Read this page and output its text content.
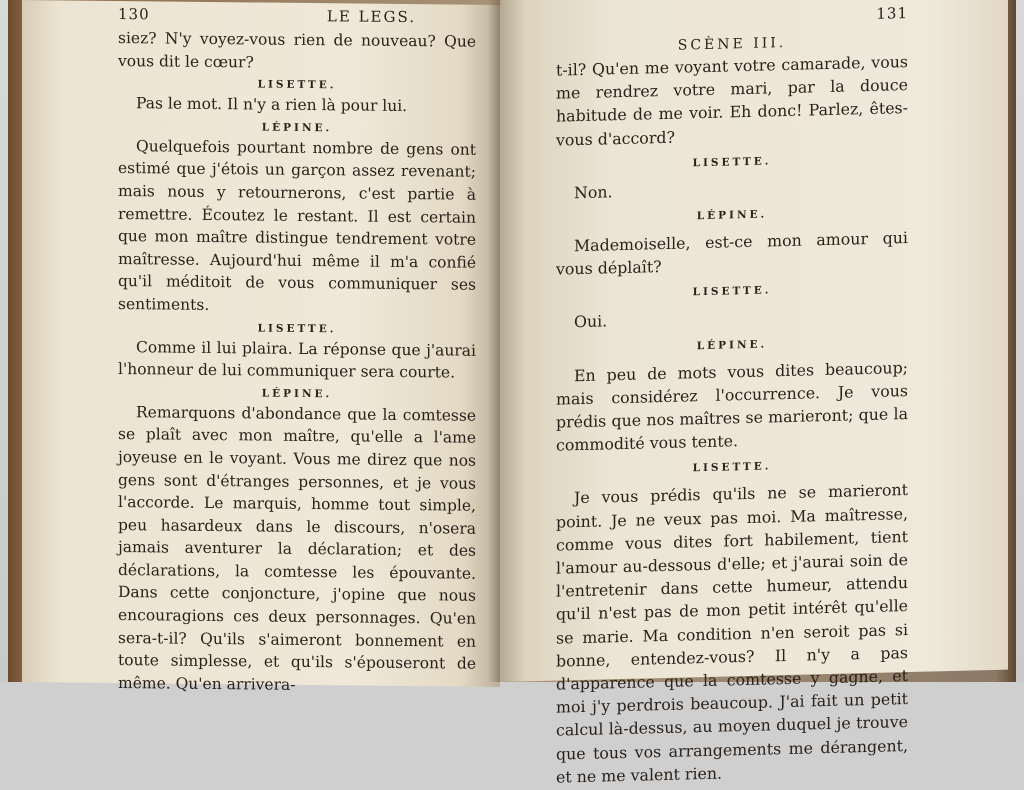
130	LE LEGS.

siez? N'y voyez-vous rien de nouveau? Que vous dit le cœur?

LISETTE.

Pas le mot. Il n'y a rien là pour lui.

LÉPINE.

Quelquefois pourtant nombre de gens ont estimé que j'étois un garçon assez revenant; mais nous y retournerons, c'est partie à remettre. Écoutez le restant. Il est certain que mon maître distingue tendrement votre maîtresse. Aujourd'hui même il m'a confié qu'il méditoit de vous communiquer ses sentiments.

LISETTE.

Comme il lui plaira. La réponse que j'aurai l'honneur de lui communiquer sera courte.

LÉPINE.

Remarquons d'abondance que la comtesse se plaît avec mon maître, qu'elle a l'ame joyeuse en le voyant. Vous me direz que nos gens sont d'étranges personnes, et je vous l'accorde. Le marquis, homme tout simple, peu hasardeux dans le discours, n'osera jamais aventurer la déclaration; et des déclarations, la comtesse les épouvante. Dans cette conjoncture, j'opine que nous encouragions ces deux personnages. Qu'en sera-t-il? Qu'ils s'aimeront bonnement en toute simplesse, et qu'ils s'épouseront de même. Qu'en arrivera-

131
SCÈNE III.

t-il? Qu'en me voyant votre camarade, vous me rendrez votre mari, par la douce habitude de me voir. Eh donc! Parlez, êtes-vous d'accord?

LISETTE.

Non.

LÉPINE.

Mademoiselle, est-ce mon amour qui vous déplaît?

LISETTE.

Oui.

LÉPINE.

En peu de mots vous dites beaucoup; mais considérez l'occurrence. Je vous prédis que nos maîtres se marieront; que la commodité vous tente.

LISETTE.

Je vous prédis qu'ils ne se marieront point. Je ne veux pas moi. Ma maîtresse, comme vous dites fort habilement, tient l'amour au-dessous d'elle; et j'aurai soin de l'entretenir dans cette humeur, attendu qu'il n'est pas de mon petit intérêt qu'elle se marie. Ma condition n'en seroit pas si bonne, entendez-vous? Il n'y a pas d'apparence que la comtesse y gagne, et moi j'y perdrois beaucoup. J'ai fait un petit calcul là-dessus, au moyen duquel je trouve que tous vos arrangements me dérangent, et ne me valent rien.
